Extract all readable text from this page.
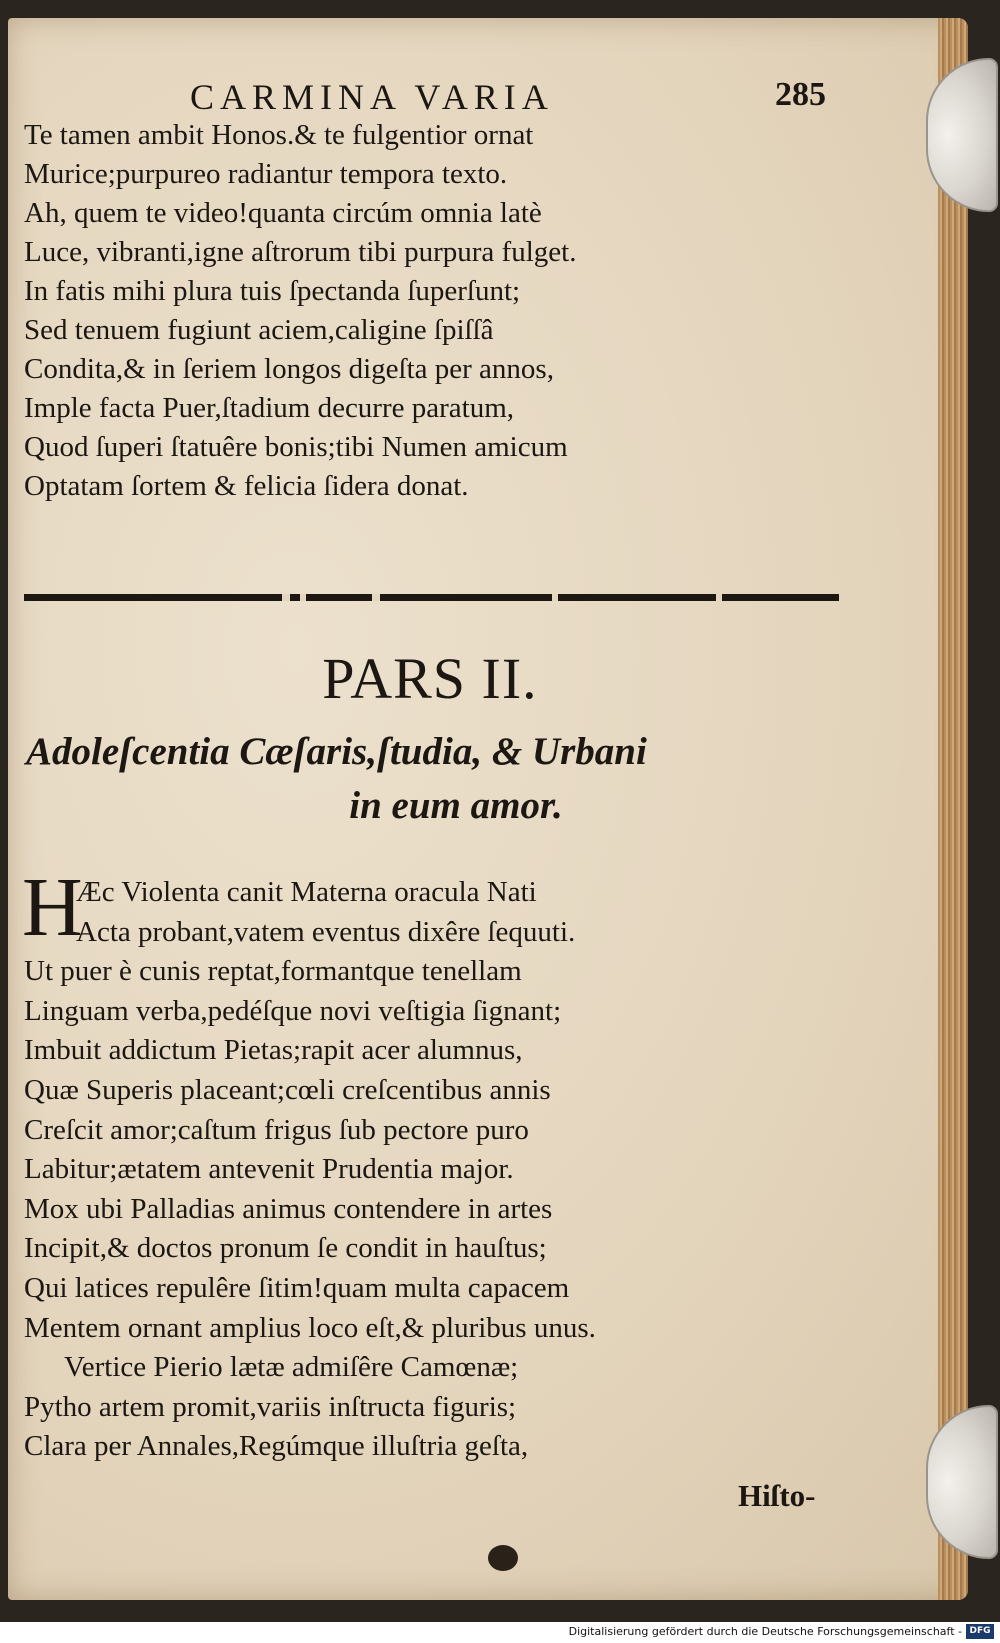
CARMINA VARIA	285
Te tamen ambit Honos.& te fulgentior ornat
Murice;purpureo radiantur tempora texto.
Ah, quem te video!quanta circúm omnia latè
Luce, vibranti,igne aſtrorum tibi purpura fulget.
In fatis mihi plura tuis ſpectanda ſuperſunt;
Sed tenuem fugiunt aciem,caligine ſpiſſâ
Condita,& in ſeriem longos digeſta per annos,
Imple facta Puer,ſtadium decurre paratum,
Quod ſuperi ſtatuêre bonis;tibi Numen amicum
Optatam ſortem & felicia ſidera donat.
PARS II.
Adoleſcentia Cæſaris,ſtudia, & Urbani
in eum amor.
H
Æc Violenta canit Materna oracula Nati
Acta probant,vatem eventus dixêre ſequuti.
Ut puer è cunis reptat,formantque tenellam
Linguam verba,pedéſque novi veſtigia ſignant;
Imbuit addictum Pietas;rapit acer alumnus,
Quæ Superis placeant;cœli creſcentibus annis
Creſcit amor;caſtum frigus ſub pectore puro
Labitur;ætatem antevenit Prudentia major.
Mox ubi Palladias animus contendere in artes
Incipit,& doctos pronum ſe condit in hauſtus;
Qui latices repulêre ſitim!quam multa capacem
Mentem ornant amplius loco eſt,& pluribus unus.
Vertice Pierio lætæ admiſêre Camœnæ;
Pytho artem promit,variis inſtructa figuris;
Clara per Annales,Regúmque illuſtria geſta,
Hiſto-
Digitalisierung gefördert durch die Deutsche Forschungsgemeinschaft - DFG
